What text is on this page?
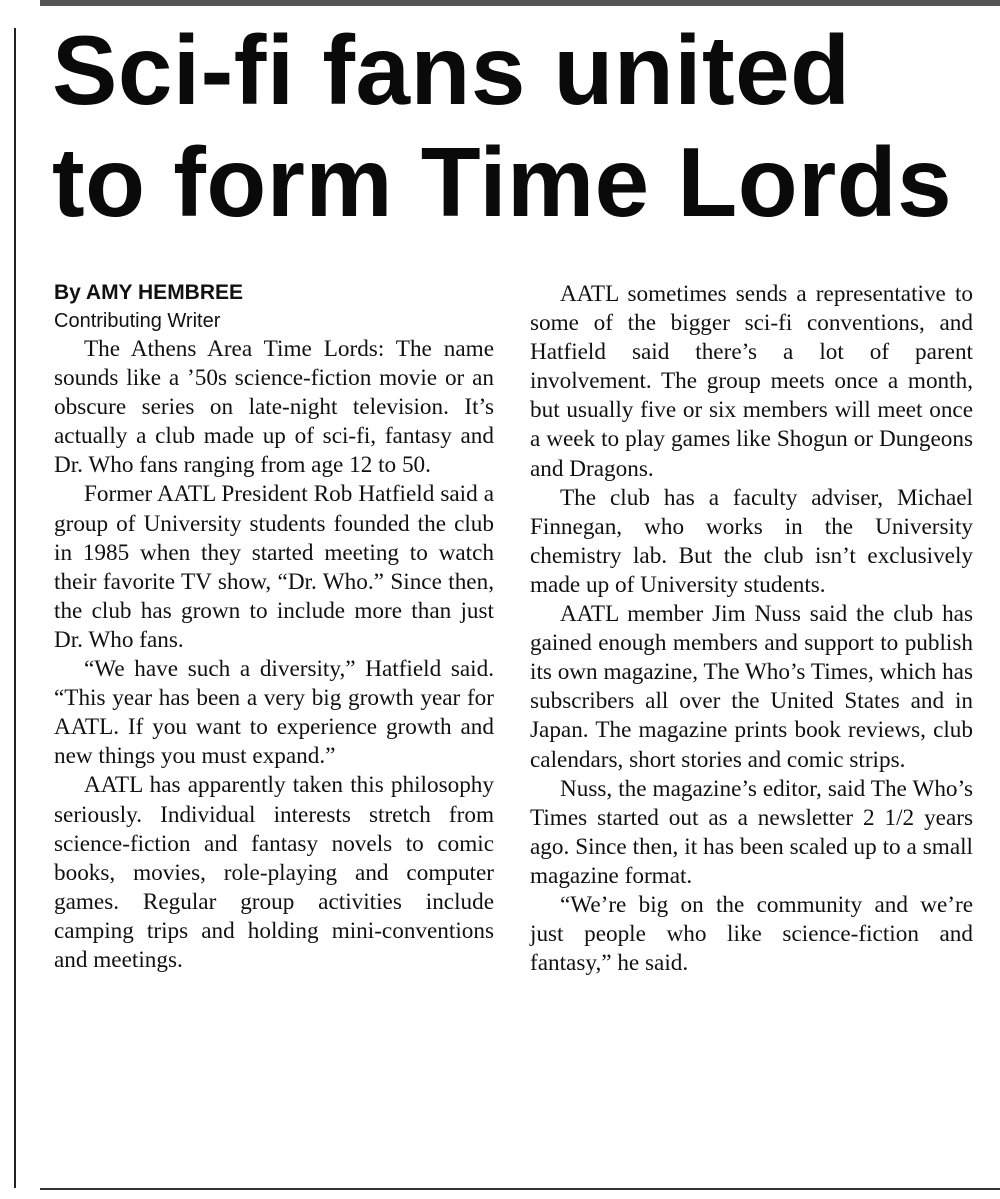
Sci-fi fans united
to form Time Lords

By AMY HEMBREE

Contributing Writer

The Athens Area Time Lords: The name sounds like a ’50s science-fiction movie or an obscure series on late-night television. It’s actually a club made up of sci-fi, fantasy and Dr. Who fans ranging from age 12 to 50.

Former AATL President Rob Hatfield said a group of University students founded the club in 1985 when they started meeting to watch their favorite TV show, “Dr. Who.” Since then, the club has grown to include more than just Dr. Who fans.

“We have such a diversity,” Hatfield said. “This year has been a very big growth year for AATL. If you want to experience growth and new things you must expand.”

AATL has apparently taken this philosophy seriously. Individual interests stretch from science-fiction and fantasy novels to comic books, movies, role-playing and computer games. Regular group activities include camping trips and holding mini-conventions and meetings.

AATL sometimes sends a representative to some of the bigger sci-fi conventions, and Hatfield said there’s a lot of parent involvement. The group meets once a month, but usually five or six members will meet once a week to play games like Shogun or Dungeons and Dragons.

The club has a faculty adviser, Michael Finnegan, who works in the University chemistry lab. But the club isn’t exclusively made up of University students.

AATL member Jim Nuss said the club has gained enough members and support to publish its own magazine, The Who’s Times, which has subscribers all over the United States and in Japan. The magazine prints book reviews, club calendars, short stories and comic strips.

Nuss, the magazine’s editor, said The Who’s Times started out as a newsletter 2 1/2 years ago. Since then, it has been scaled up to a small magazine format.

“We’re big on the community and we’re just people who like science-fiction and fantasy,” he said.
